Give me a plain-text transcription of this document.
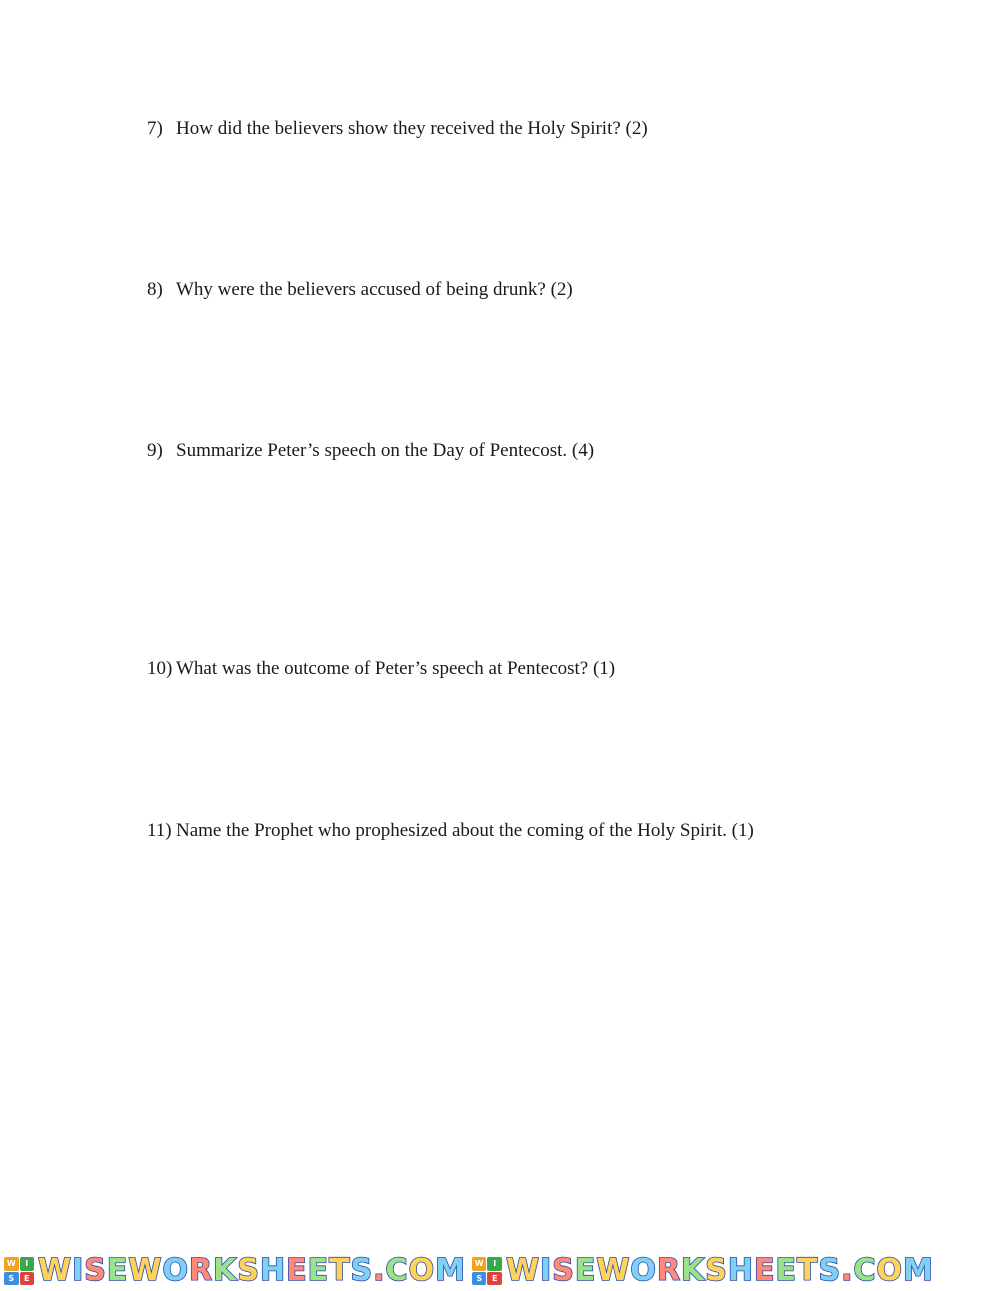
7) How did the believers show they received the Holy Spirit? (2)
8) Why were the believers accused of being drunk? (2)
9) Summarize Peter’s speech on the Day of Pentecost. (4)
10) What was the outcome of Peter’s speech at Pentecost? (1)
11) Name the Prophet who prophesized about the coming of the Holy Spirit. (1)
W	I
S	E WISEWORKSHEETS.COM	W	I
S	E WISEWORKSHEETS.COM
